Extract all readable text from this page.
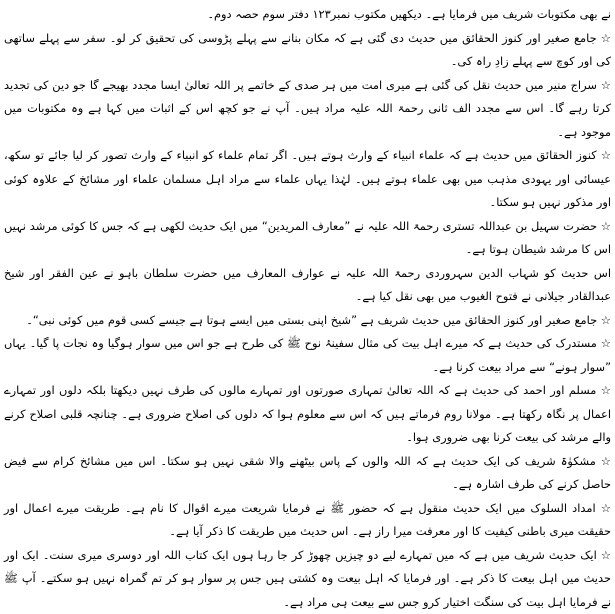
نے بھی مکتوبات شریف میں فرمایا ہے۔ دیکھیں مکتوب نمبر۱۲۳ دفتر سوم حصہ دوم۔

☆ جامع صغیر اور کنوز الحقائق میں حدیث دی گئی ہے کہ مکان بنانے سے پہلے پڑوسی کی تحقیق کر لو۔ سفر سے پہلے ساتھی کی اور کوچ سے پہلے زادِ راہ کی۔

☆ سراج منیر میں حدیث نقل کی گئی ہے میری امت میں ہر صدی کے خاتمے پر اللہ تعالیٰ ایسا مجدد بھیجے گا جو دین کی تجدید کرتا رہے گا۔ اس سے مجدد الف ثانی رحمۃ اللہ علیہ مراد ہیں۔ آپ نے جو کچھ اس کے اثبات میں کہا ہے وہ مکتوبات میں موجود ہے۔

☆ کنوز الحقائق میں حدیث ہے کہ علماء انبیاء کے وارث ہوتے ہیں۔ اگر تمام علماء کو انبیاء کے وارث تصور کر لیا جائے تو سکھ، عیسائی اور یہودی مذہب میں بھی علماء ہوتے ہیں۔ لہٰذا یہاں علماء سے مراد اہل مسلمان علماء اور مشائخ کے علاوہ کوئی اور مذکور نہیں ہو سکتا۔

☆ حضرت سہیل بن عبداللہ تستری رحمۃ اللہ علیہ نے ”معارف المریدین“ میں ایک حدیث لکھی ہے کہ جس کا کوئی مرشد نہیں اس کا مرشد شیطان ہوتا ہے۔

اس حدیث کو شہاب الدین سہروردی رحمۃ اللہ علیہ نے عوارف المعارف میں حضرت سلطان باہو نے عین الفقر اور شیخ عبدالقادر جیلانی نے فتوح الغیوب میں بھی نقل کیا ہے۔

☆ جامع صغیر اور کنوز الحقائق میں حدیث شریف ہے ”شیخ اپنی بستی میں ایسے ہوتا ہے جیسے کسی قوم میں کوئی نبی“۔

☆ مستدرک کی حدیث ہے کہ میرے اہل بیت کی مثال سفینۂ نوح ﷺ کی طرح ہے جو اس میں سوار ہوگیا وہ نجات پا گیا۔ یہاں ”سوار ہونے“ سے مراد بیعت کرنا ہے۔

☆ مسلم اور احمد کی حدیث ہے کہ اللہ تعالیٰ تمہاری صورتوں اور تمہارے مالوں کی طرف نہیں دیکھتا بلکہ دلوں اور تمہارے اعمال پر نگاہ رکھتا ہے۔ مولانا روم فرماتے ہیں کہ اس سے معلوم ہوا کہ دلوں کی اصلاح ضروری ہے۔ چنانچہ قلبی اصلاح کرنے والے مرشد کی بیعت کرنا بھی ضروری ہوا۔

☆ مشکوٰۃ شریف کی ایک حدیث ہے کہ اللہ والوں کے پاس بیٹھنے والا شقی نہیں ہو سکتا۔ اس میں مشائخ کرام سے فیض حاصل کرنے کی طرف اشارہ ہے۔

☆ امداد السلوک میں ایک حدیث منقول ہے کہ حضور ﷺ نے فرمایا شریعت میرے اقوال کا نام ہے۔ طریقت میرے اعمال اور حقیقت میری باطنی کیفیت کا اور معرفت میرا راز ہے۔ اس حدیث میں طریقت کا ذکر آیا ہے۔

☆ ایک حدیث شریف میں ہے کہ میں تمہارے لیے دو چیزیں چھوڑ کر جا رہا ہوں ایک کتاب اللہ اور دوسری میری سنت۔ ایک اور حدیث میں اہل بیعت کا ذکر ہے۔ اور فرمایا کہ اہل بیعت وہ کشتی ہیں جس پر سوار ہو کر تم گمراہ نہیں ہو سکتے۔ آپ ﷺ نے فرمایا اہل بیت کی سنگت اختیار کرو جس سے بیعت ہی مراد ہے۔
